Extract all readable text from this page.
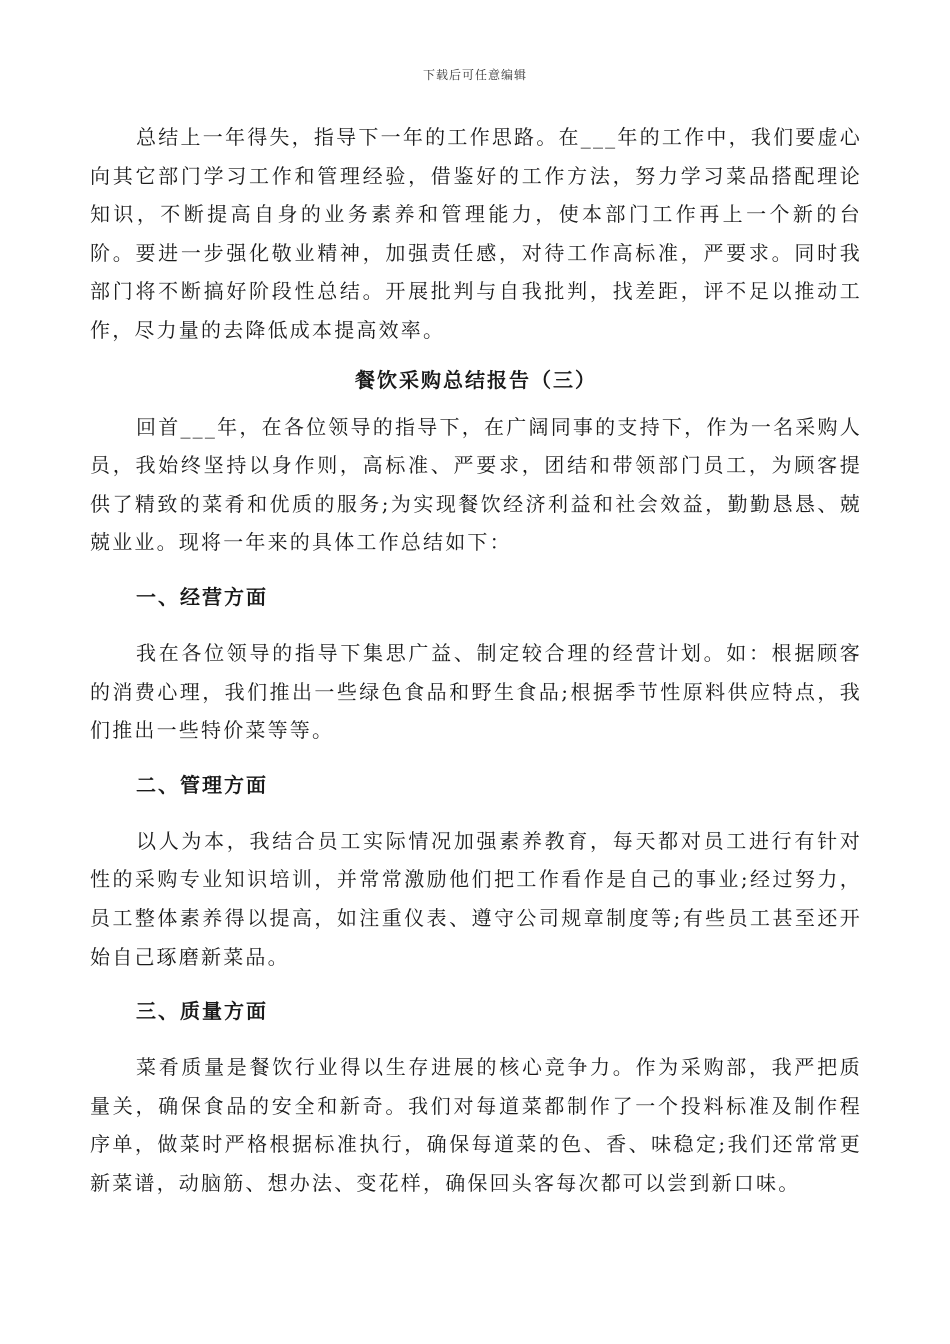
下载后可任意编辑

总结上一年得失，指导下一年的工作思路。在___年的工作中，我们要虚心向其它部门学习工作和管理经验，借鉴好的工作方法，努力学习菜品搭配理论知识，不断提高自身的业务素养和管理能力，使本部门工作再上一个新的台阶。要进一步强化敬业精神，加强责任感，对待工作高标准，严要求。同时我部门将不断搞好阶段性总结。开展批判与自我批判，找差距，评不足以推动工作，尽力量的去降低成本提高效率。

餐饮采购总结报告（三）

回首___年，在各位领导的指导下，在广阔同事的支持下，作为一名采购人员，我始终坚持以身作则，高标准、严要求，团结和带领部门员工，为顾客提供了精致的菜肴和优质的服务;为实现餐饮经济利益和社会效益，勤勤恳恳、兢兢业业。现将一年来的具体工作总结如下：

一、经营方面

我在各位领导的指导下集思广益、制定较合理的经营计划。如：根据顾客的消费心理，我们推出一些绿色食品和野生食品;根据季节性原料供应特点，我们推出一些特价菜等等。

二、管理方面

以人为本，我结合员工实际情况加强素养教育，每天都对员工进行有针对性的采购专业知识培训，并常常激励他们把工作看作是自己的事业;经过努力，员工整体素养得以提高，如注重仪表、遵守公司规章制度等;有些员工甚至还开始自己琢磨新菜品。

三、质量方面

菜肴质量是餐饮行业得以生存进展的核心竞争力。作为采购部，我严把质量关，确保食品的安全和新奇。我们对每道菜都制作了一个投料标准及制作程序单，做菜时严格根据标准执行，确保每道菜的色、香、味稳定;我们还常常更新菜谱，动脑筋、想办法、变花样，确保回头客每次都可以尝到新口味。
